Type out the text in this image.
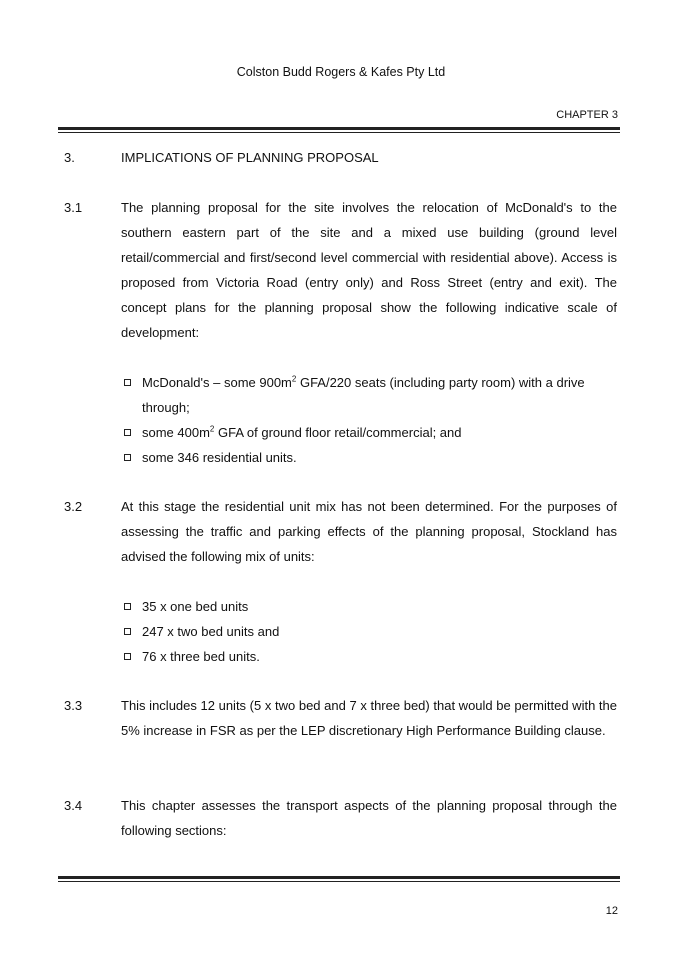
Colston Budd Rogers & Kafes Pty Ltd
CHAPTER 3
3.	IMPLICATIONS OF PLANNING PROPOSAL
3.1	The planning proposal for the site involves the relocation of McDonald's to the southern eastern part of the site and a mixed use building (ground level retail/commercial and first/second level commercial with residential above). Access is proposed from Victoria Road (entry only) and Ross Street (entry and exit). The concept plans for the planning proposal show the following indicative scale of development:
McDonald's – some $900m^2$ GFA/220 seats (including party room) with a drive through;
some $400m^2$ GFA of ground floor retail/commercial; and
some 346 residential units.
3.2	At this stage the residential unit mix has not been determined. For the purposes of assessing the traffic and parking effects of the planning proposal, Stockland has advised the following mix of units:
35 x one bed units
247 x two bed units and
76 x three bed units.
3.3	This includes 12 units (5 x two bed and 7 x three bed) that would be permitted with the 5% increase in FSR as per the LEP discretionary High Performance Building clause.
3.4	This chapter assesses the transport aspects of the planning proposal through the following sections:
12
